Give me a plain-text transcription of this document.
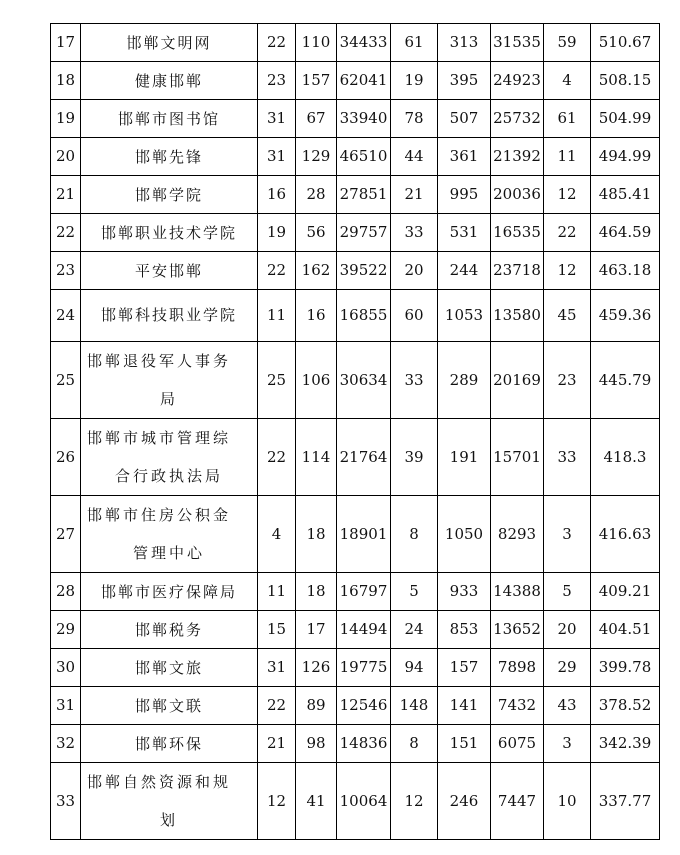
17	邯郸文明网	22	110	34433	61	313	31535	59	510.67
18	健康邯郸	23	157	62041	19	395	24923	4	508.15
19	邯郸市图书馆	31	67	33940	78	507	25732	61	504.99
20	邯郸先锋	31	129	46510	44	361	21392	11	494.99
21	邯郸学院	16	28	27851	21	995	20036	12	485.41
22	邯郸职业技术学院	19	56	29757	33	531	16535	22	464.59
23	平安邯郸	22	162	39522	20	244	23718	12	463.18
24	邯郸科技职业学院	11	16	16855	60	1053	13580	45	459.36
25	邯郸退役军人事务
局	25	106	30634	33	289	20169	23	445.79
26	邯郸市城市管理综
合行政执法局	22	114	21764	39	191	15701	33	418.3
27	邯郸市住房公积金
管理中心	4	18	18901	8	1050	8293	3	416.63
28	邯郸市医疗保障局	11	18	16797	5	933	14388	5	409.21
29	邯郸税务	15	17	14494	24	853	13652	20	404.51
30	邯郸文旅	31	126	19775	94	157	7898	29	399.78
31	邯郸文联	22	89	12546	148	141	7432	43	378.52
32	邯郸环保	21	98	14836	8	151	6075	3	342.39
33	邯郸自然资源和规
划	12	41	10064	12	246	7447	10	337.77
